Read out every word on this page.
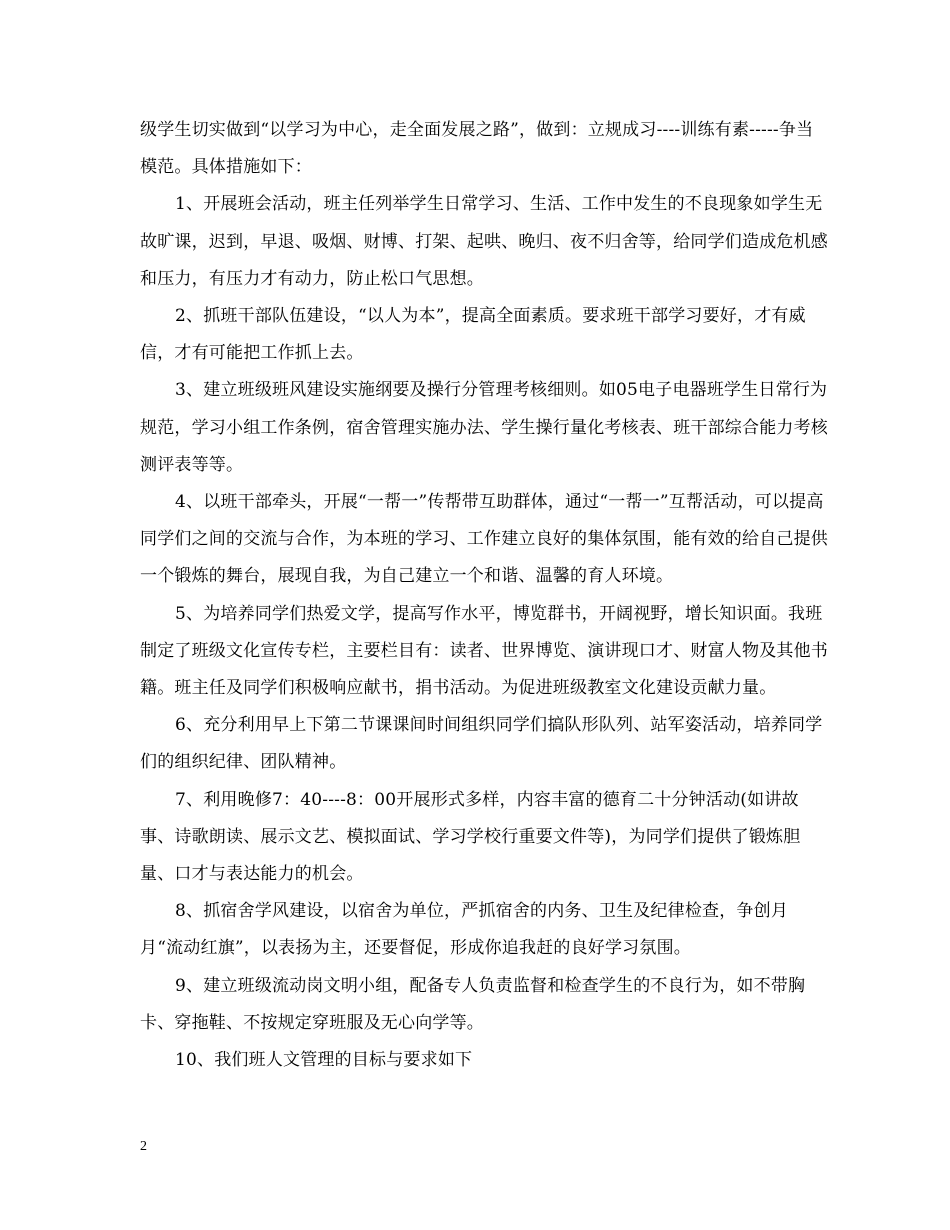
级学生切实做到“以学习为中心，走全面发展之路”，做到：立规成习----训练有素-----争当模范。具体措施如下：

1、开展班会活动，班主任列举学生日常学习、生活、工作中发生的不良现象如学生无故旷课，迟到，早退、吸烟、财博、打架、起哄、晚归、夜不归舍等，给同学们造成危机感和压力，有压力才有动力，防止松口气思想。

2、抓班干部队伍建设，“以人为本”，提高全面素质。要求班干部学习要好，才有威信，才有可能把工作抓上去。

3、建立班级班风建设实施纲要及操行分管理考核细则。如05电子电器班学生日常行为规范，学习小组工作条例，宿舍管理实施办法、学生操行量化考核表、班干部综合能力考核测评表等等。

4、以班干部牵头，开展“一帮一”传帮带互助群体，通过“一帮一”互帮活动，可以提高同学们之间的交流与合作，为本班的学习、工作建立良好的集体氛围，能有效的给自己提供一个锻炼的舞台，展现自我，为自己建立一个和谐、温馨的育人环境。

5、为培养同学们热爱文学，提高写作水平，博览群书，开阔视野，增长知识面。我班制定了班级文化宣传专栏，主要栏目有：读者、世界博览、演讲现口才、财富人物及其他书籍。班主任及同学们积极响应献书，捐书活动。为促进班级教室文化建设贡献力量。

6、充分利用早上下第二节课课间时间组织同学们搞队形队列、站军姿活动，培养同学们的组织纪律、团队精神。

7、利用晚修7：40----8：00开展形式多样，内容丰富的德育二十分钟活动(如讲故事、诗歌朗读、展示文艺、模拟面试、学习学校行重要文件等)，为同学们提供了锻炼胆量、口才与表达能力的机会。

8、抓宿舍学风建设，以宿舍为单位，严抓宿舍的内务、卫生及纪律检查，争创月月“流动红旗”，以表扬为主，还要督促，形成你追我赶的良好学习氛围。

9、建立班级流动岗文明小组，配备专人负责监督和检查学生的不良行为，如不带胸卡、穿拖鞋、不按规定穿班服及无心向学等。

10、我们班人文管理的目标与要求如下

2
